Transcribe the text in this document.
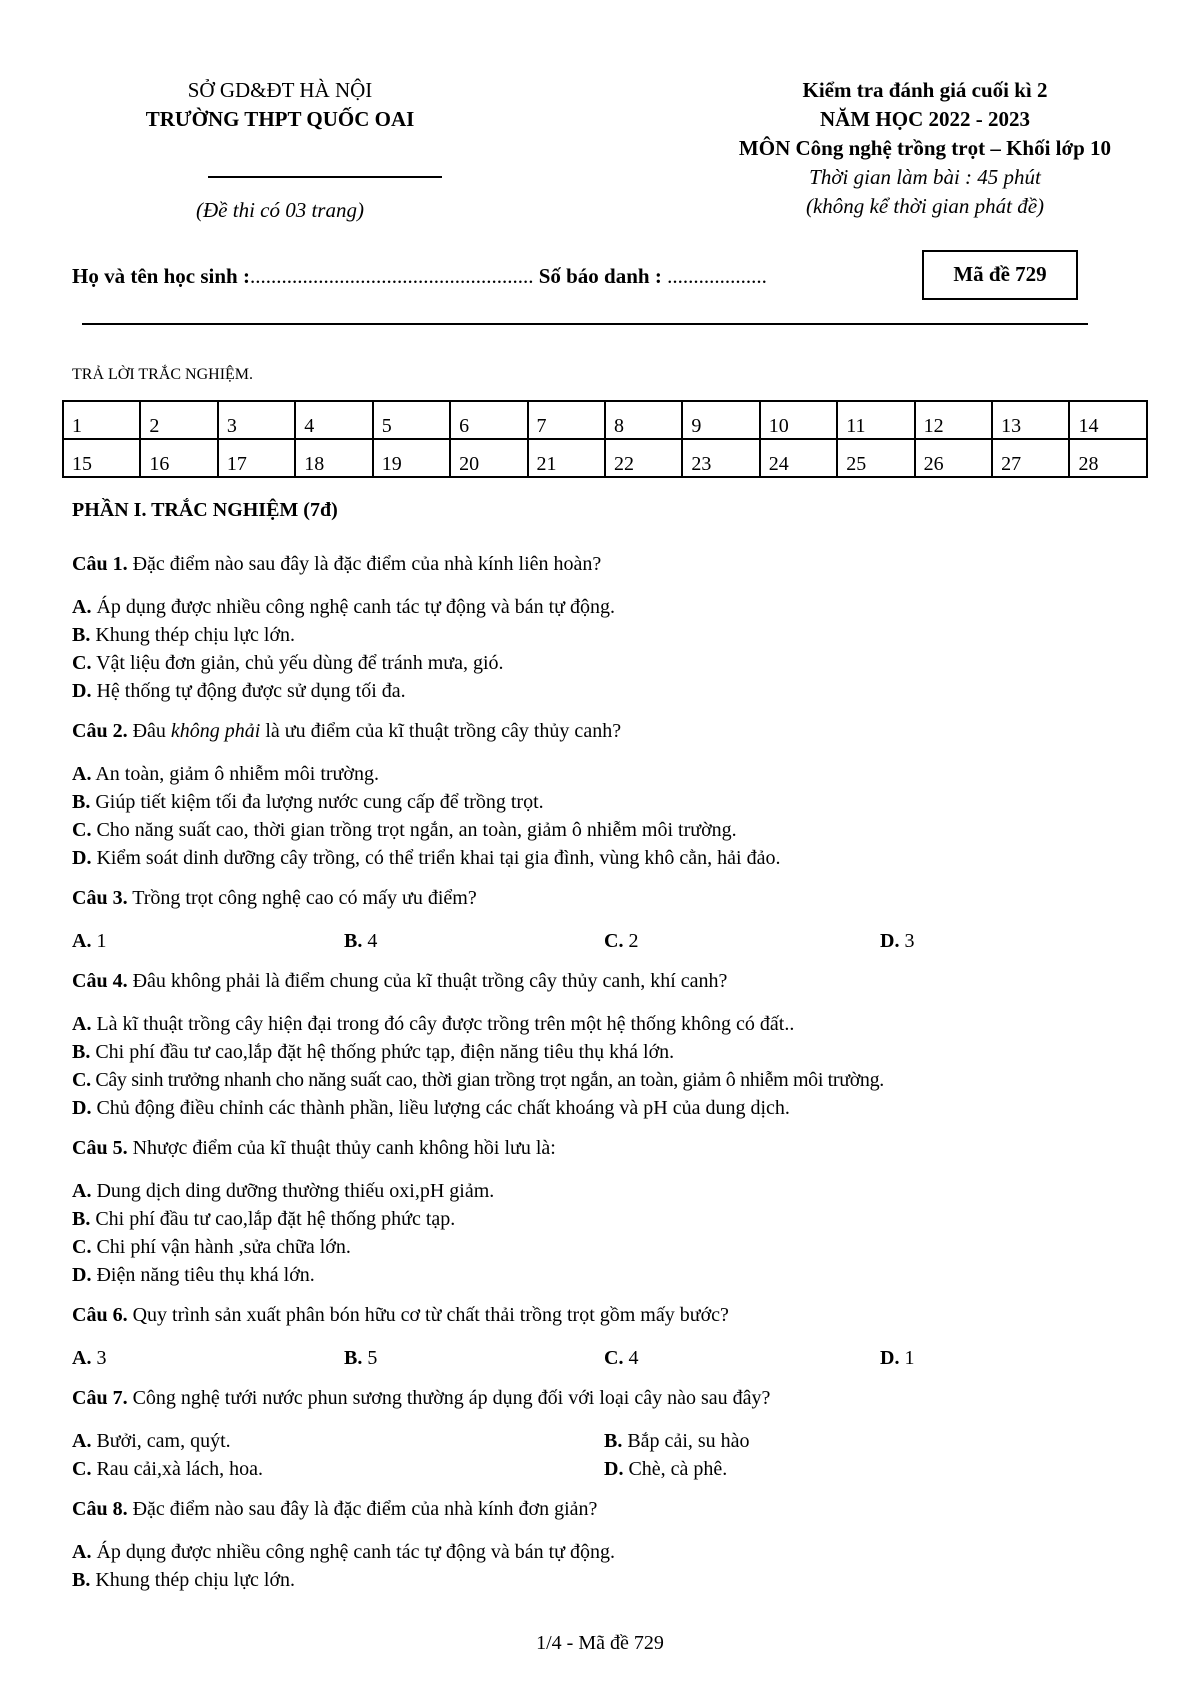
SỞ GD&ĐT HÀ NỘI
TRƯỜNG THPT QUỐC OAI
(Đề thi có 03 trang)
Kiểm tra đánh giá cuối kì 2
NĂM HỌC 2022 - 2023
MÔN Công nghệ trồng trọt – Khối lớp 10
Thời gian làm bài : 45 phút
(không kể thời gian phát đề)
Họ và tên học sinh :...................................................... Số báo danh : ...................	Mã đề 729
TRẢ LỜI TRẮC NGHIỆM.
1	2	3	4	5	6	7	8	9	10	11	12	13	14
15	16	17	18	19	20	21	22	23	24	25	26	27	28
PHẦN I. TRẮC NGHIỆM (7đ)
Câu 1. Đặc điểm nào sau đây là đặc điểm của nhà kính liên hoàn?
A. Áp dụng được nhiều công nghệ canh tác tự động và bán tự động.
B. Khung thép chịu lực lớn.
C. Vật liệu đơn giản, chủ yếu dùng để tránh mưa, gió.
D. Hệ thống tự động được sử dụng tối đa.
Câu 2. Đâu không phải là ưu điểm của kĩ thuật trồng cây thủy canh?
A. An toàn, giảm ô nhiễm môi trường.
B. Giúp tiết kiệm tối đa lượng nước cung cấp để trồng trọt.
C. Cho năng suất cao, thời gian trồng trọt ngắn, an toàn, giảm ô nhiễm môi trường.
D. Kiểm soát dinh dưỡng cây trồng, có thể triển khai tại gia đình, vùng khô cằn, hải đảo.
Câu 3. Trồng trọt công nghệ cao có mấy ưu điểm?
A. 1	B. 4	C. 2	D. 3
Câu 4. Đâu không phải là điểm chung của kĩ thuật trồng cây thủy canh, khí canh?
A. Là kĩ thuật trồng cây hiện đại trong đó cây được trồng trên một hệ thống không có đất..
B. Chi phí đầu tư cao,lắp đặt hệ thống phức tạp, điện năng tiêu thụ khá lớn.
C. Cây sinh trưởng nhanh cho năng suất cao, thời gian trồng trọt ngắn, an toàn, giảm ô nhiễm môi trường.
D. Chủ động điều chỉnh các thành phần, liều lượng các chất khoáng và pH của dung dịch.
Câu 5. Nhược điểm của kĩ thuật thủy canh không hồi lưu là:
A. Dung dịch ding dưỡng thường thiếu oxi,pH giảm.
B. Chi phí đầu tư cao,lắp đặt hệ thống phức tạp.
C. Chi phí vận hành ,sửa chữa lớn.
D. Điện năng tiêu thụ khá lớn.
Câu 6. Quy trình sản xuất phân bón hữu cơ từ chất thải trồng trọt gồm mấy bước?
A. 3	B. 5	C. 4	D. 1
Câu 7. Công nghệ tưới nước phun sương thường áp dụng đối với loại cây nào sau đây?
A. Bưởi, cam, quýt.	B. Bắp cải, su hào
C. Rau cải,xà lách, hoa.	D. Chè, cà phê.
Câu 8. Đặc điểm nào sau đây là đặc điểm của nhà kính đơn giản?
A. Áp dụng được nhiều công nghệ canh tác tự động và bán tự động.
B. Khung thép chịu lực lớn.
1/4 - Mã đề 729
